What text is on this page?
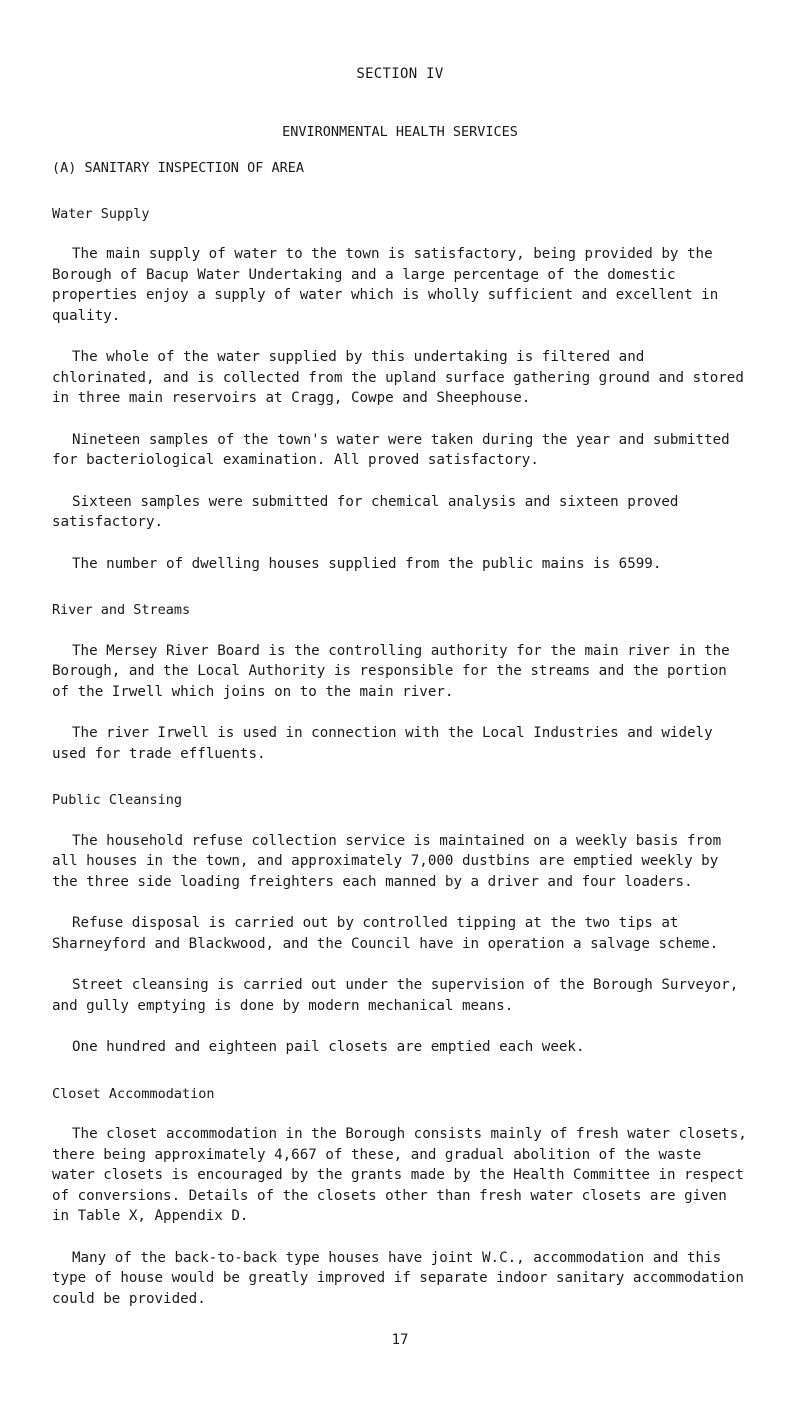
SECTION IV
ENVIRONMENTAL HEALTH SERVICES
(A) SANITARY INSPECTION OF AREA
Water Supply

The main supply of water to the town is satisfactory, being provided by the Borough of Bacup Water Undertaking and a large percentage of the domestic properties enjoy a supply of water which is wholly sufficient and excellent in quality.

The whole of the water supplied by this undertaking is filtered and chlorinated, and is collected from the upland surface gathering ground and stored in three main reservoirs at Cragg, Cowpe and Sheephouse.

Nineteen samples of the town's water were taken during the year and submitted for bacteriological examination. All proved satisfactory.

Sixteen samples were submitted for chemical analysis and sixteen proved satisfactory.

The number of dwelling houses supplied from the public mains is 6599.

River and Streams

The Mersey River Board is the controlling authority for the main river in the Borough, and the Local Authority is responsible for the streams and the portion of the Irwell which joins on to the main river.

The river Irwell is used in connection with the Local Industries and widely used for trade effluents.

Public Cleansing

The household refuse collection service is maintained on a weekly basis from all houses in the town, and approximately 7,000 dustbins are emptied weekly by the three side loading freighters each manned by a driver and four loaders.

Refuse disposal is carried out by controlled tipping at the two tips at Sharneyford and Blackwood, and the Council have in operation a salvage scheme.

Street cleansing is carried out under the supervision of the Borough Surveyor, and gully emptying is done by modern mechanical means.

One hundred and eighteen pail closets are emptied each week.

Closet Accommodation

The closet accommodation in the Borough consists mainly of fresh water closets, there being approximately 4,667 of these, and gradual abolition of the waste water closets is encouraged by the grants made by the Health Committee in respect of conversions. Details of the closets other than fresh water closets are given in Table X, Appendix D.

Many of the back-to-back type houses have joint W.C., accommodation and this type of house would be greatly improved if separate indoor sanitary accommodation could be provided.

17
